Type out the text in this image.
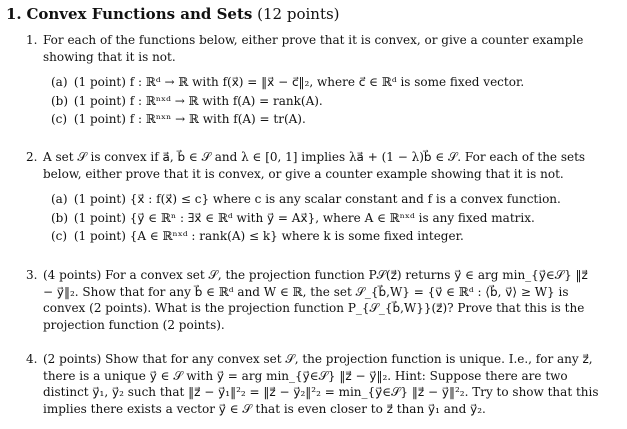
1. Convex Functions and Sets (12 points)
1. For each of the functions below, either prove that it is convex, or give a counter example showing that it is not.

(a) (1 point) f : ℝᵈ → ℝ with f(x⃗) = ‖x⃗ − c⃗‖₂, where c⃗ ∈ ℝᵈ is some fixed vector.
(b) (1 point) f : ℝⁿˣᵈ → ℝ with f(A) = rank(A).
(c) (1 point) f : ℝⁿˣⁿ → ℝ with f(A) = tr(A).
2. A set 𝒮 is convex if a⃗, b⃗ ∈ 𝒮 and λ ∈ [0, 1] implies λa⃗ + (1 − λ)b⃗ ∈ 𝒮. For each of the sets below, either prove that it is convex, or give a counter example showing that it is not.

(a) (1 point) {x⃗ : f(x⃗) ≤ c} where c is any scalar constant and f is a convex function.
(b) (1 point) {y⃗ ∈ ℝⁿ : ∃x⃗ ∈ ℝᵈ with y⃗ = Ax⃗}, where A ∈ ℝⁿˣᵈ is any fixed matrix.
(c) (1 point) {A ∈ ℝⁿˣᵈ : rank(A) ≤ k} where k is some fixed integer.
3. (4 points) For a convex set 𝒮, the projection function P𝒮(z⃗) returns y⃗ ∈ arg min_{y⃗∈𝒮} ‖z⃗ − y⃗‖₂. Show that for any b⃗ ∈ ℝᵈ and W ∈ ℝ, the set 𝒮_{b⃗,W} = {v⃗ ∈ ℝᵈ : ⟨b⃗, v⃗⟩ ≥ W} is convex (2 points). What is the projection function P_{𝒮_{b⃗,W}}(z⃗)? Prove that this is the projection function (2 points).

4. (2 points) Show that for any convex set 𝒮, the projection function is unique. I.e., for any z⃗, there is a unique y⃗ ∈ 𝒮 with y⃗ = arg min_{y⃗∈𝒮} ‖z⃗ − y⃗‖₂. Hint: Suppose there are two distinct y⃗₁, y⃗₂ such that ‖z⃗ − y⃗₁‖²₂ = ‖z⃗ − y⃗₂‖²₂ = min_{y⃗∈𝒮} ‖z⃗ − y⃗‖²₂. Try to show that this implies there exists a vector y⃗ ∈ 𝒮 that is even closer to z⃗ than y⃗₁ and y⃗₂.
